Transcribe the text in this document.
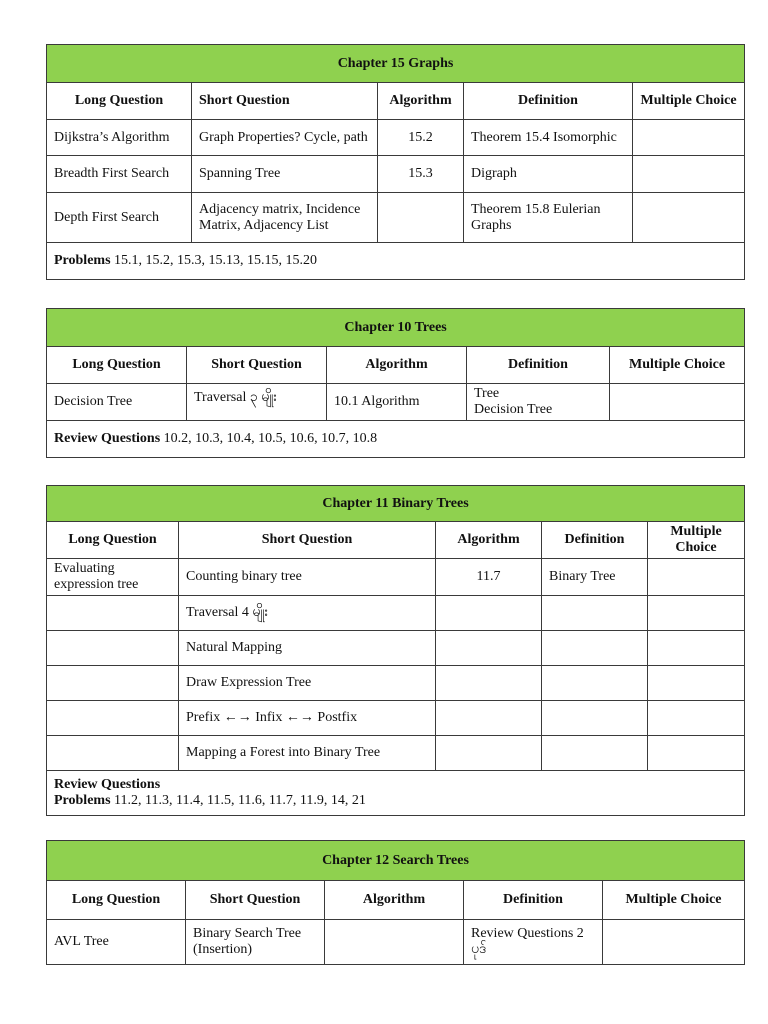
Chapter 15 Graphs				
Long Question	Short Question	Algorithm	Definition	Multiple Choice
Dijkstra’s Algorithm	Graph Properties? Cycle, path	15.2	Theorem 15.4 Isomorphic	
Breadth First Search	Spanning Tree	15.3	Digraph	
Depth First Search	Adjacency matrix, Incidence Matrix, Adjacency List		Theorem 15.8 Eulerian Graphs	
Problems 15.1, 15.2, 15.3, 15.13, 15.15, 15.20				
Chapter 10 Trees				
Long Question	Short Question	Algorithm	Definition	Multiple Choice
Decision Tree	Traversal ၃ မျိုး	10.1 Algorithm	Tree
Decision Tree	

Review Questions 10.2, 10.3, 10.4, 10.5, 10.6, 10.7, 10.8				
Chapter 11 Binary Trees				
Long Question	Short Question	Algorithm	Definition	Multiple Choice
Evaluating expression tree	Counting binary tree	11.7	Binary Tree	
	Traversal 4 မျိုး			
	Natural Mapping			
	Draw Expression Tree			
	Prefix ←→ Infix ←→ Postfix			
	Mapping a Forest into Binary Tree			

Review Questions
Problems 11.2, 11.3, 11.4, 11.5, 11.6, 11.7, 11.9, 14, 21				
Chapter 12 Search Trees				
Long Question	Short Question	Algorithm	Definition	Multiple Choice
AVL Tree	Binary Search Tree (Insertion)		Review Questions 2 ပုဒ်	
